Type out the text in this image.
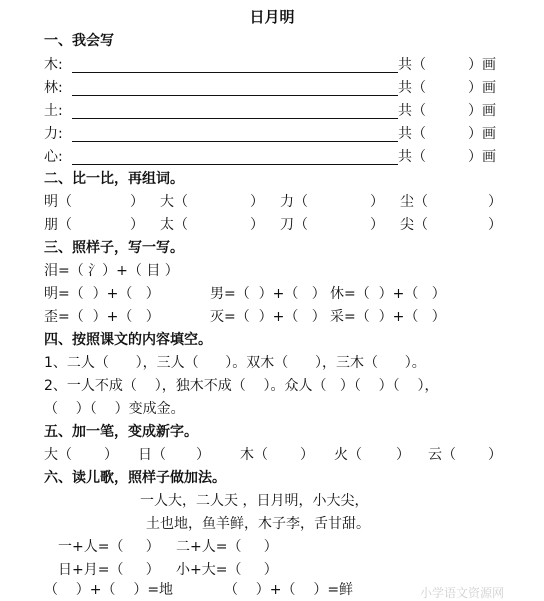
日月明
一、我会写
木:	共（	）画
林:	共（	）画
土:	共（	）画
力:	共（	）画
心:	共（	）画
二、比一比，再组词。
明（	） 大（	） 力（	） 尘（	）
朋（	） 太（	） 刀（	） 尖（	）
三、照样子，写一写。
泪=（ 氵）+（ 目 ）
明=（  ）+（   ）	男=（  ）+（   ） 休=（  ）+（   ）
歪=（  ）+（   ）	灭=（  ）+（   ） 采=（  ）+（   ）
四、按照课文的内容填空。
1、二人（      ），三人（      ）。双木（      ），三木（      ）。
2、一人不成（    ），独木不成（    ）。众人（   ）（    ）（    ），
（    ）（    ）变成金。
五、加一笔，变成新字。
大（ ） 日（ ） 木（ ） 火（ ） 云（ ）
六、读儿歌，照样子做加法。
一人大，二人天 ，日月明，小大尖，
土也地，鱼羊鲜，木子李，舌甘甜。
一+人=（     ） 二+人=（     ）
日+月=（     ） 小+大=（     ）
（    ）+（    ）=地	（    ）+（    ）=鲜	小学语文资源网
